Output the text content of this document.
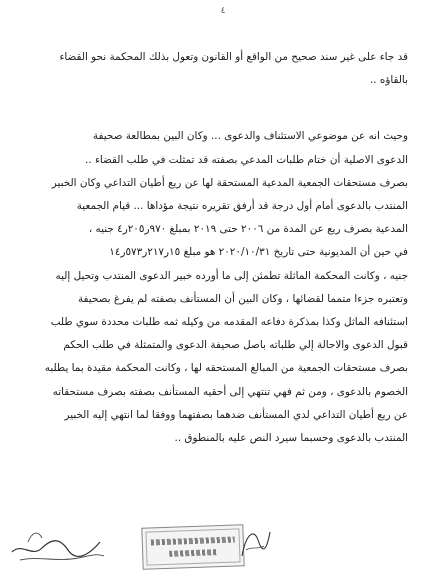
٤
قد جاء على غير سند صحيح من الواقع أو القانون وتعول بذلك المحكمة نحو القضاء
بالقاؤه ..
وحيث انه عن موضوعي الاستئناف والدعوى ... وكان البين بمطالعة صحيفة
الدعوى الاصلية أن ختام طلبات المدعي بصفته قد تمثلت في طلب القضاء ..
بصرف مستحقات الجمعية المدعية المستحقة لها عن ريع أطيان التداعي وكان الخبير
المنتدب بالدعوى أمام أول درجة قد أرفق تقريره نتيجة مؤداها ... قيام الجمعية
المدعية بصرف ريع عن المدة من ٢٠٠٦ حتى ٢٠١٩ بمبلغ ٩٧٠ر٢٠٥ر٤ جنيه ،
في حين أن المديونية حتى تاريخ ٢٠٢٠/١٠/٣١ هو مبلغ ١٥ر٢١٧ر٥٧٣ر١٤
جنيه ، وكانت المحكمة الماثلة تطمئن إلى ما أورده خبير الدعوى المنتدب وتحيل إليه
وتعتبره جزءا متمما لقضائها ، وكان البين أن المستأنف بصفته لم يفرغ بصحيفة
استئنافه الماثل وكذا بمذكرة دفاعه المقدمه من وكيله ثمه طلبات محددة سوي طلب
قبول الدعوى والاحالة إلي طلباته باصل صحيفة الدعوى والمتمثلة في طلب الحكم
بصرف مستحقات الجمعية من المبالغ المستحقه لها ، وكانت المحكمة مقيدة بما يطلبه
الخصوم بالدعوى ، ومن ثم فهي تنتهي إلى أحقيه المستأنف بصفته بصرف مستحقاته
عن ريع أطيان التداعي لدي المستأنف ضدهما بصفتهما ووفقا لما انتهي إليه الخبير
المنتدب بالدعوى وحسبما سيرد النص عليه بالمنطوق ..
